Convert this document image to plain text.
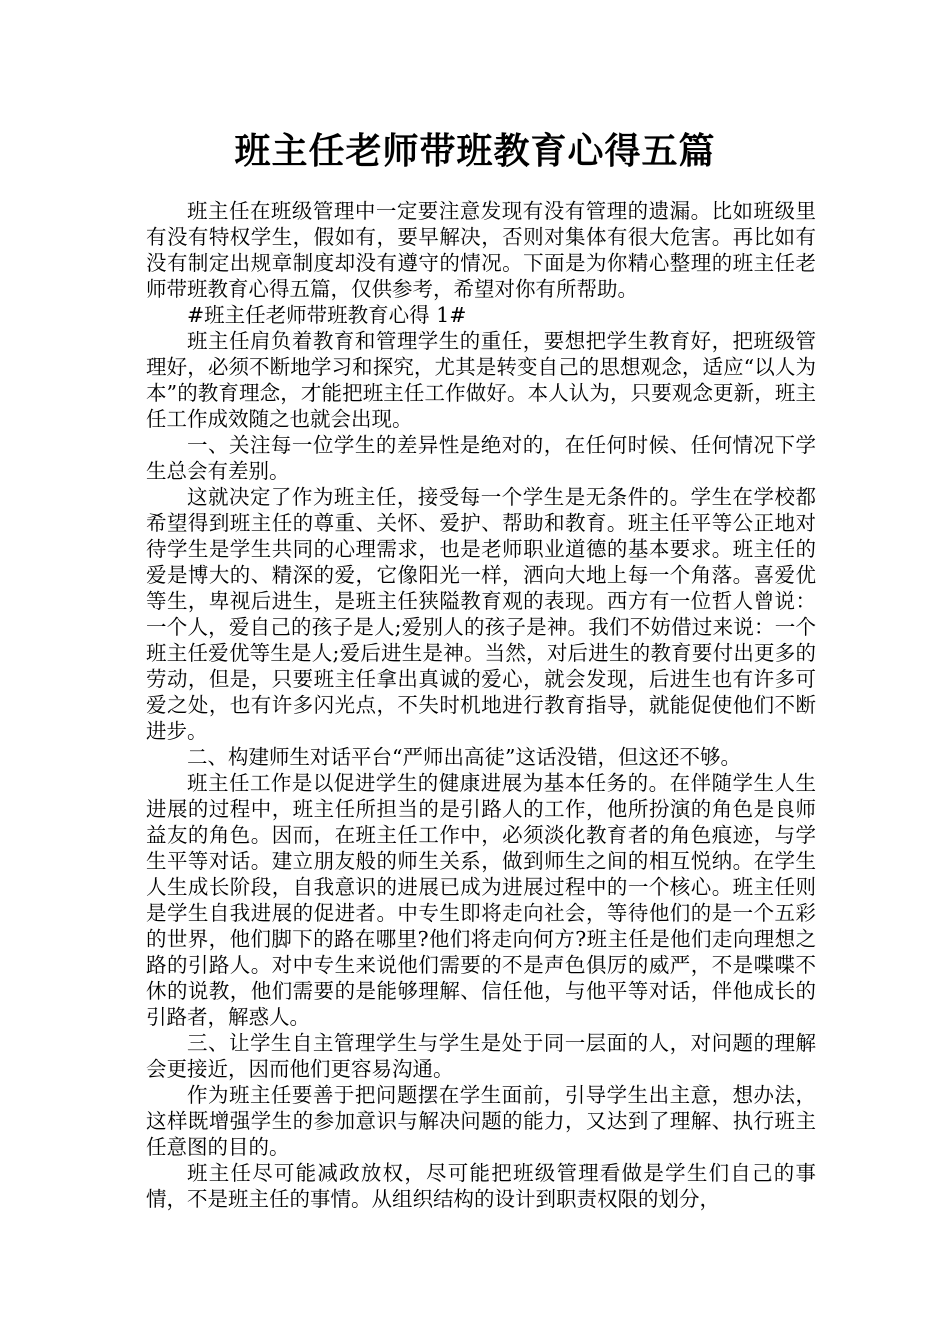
班主任老师带班教育心得五篇

班主任在班级管理中一定要注意发现有没有管理的遗漏。比如班级里有没有特权学生，假如有，要早解决，否则对集体有很大危害。再比如有没有制定出规章制度却没有遵守的情况。下面是为你精心整理的班主任老师带班教育心得五篇，仅供参考，希望对你有所帮助。

#班主任老师带班教育心得 1#

班主任肩负着教育和管理学生的重任，要想把学生教育好，把班级管理好，必须不断地学习和探究，尤其是转变自己的思想观念，适应“以人为本”的教育理念，才能把班主任工作做好。本人认为，只要观念更新，班主任工作成效随之也就会出现。

一、关注每一位学生的差异性是绝对的，在任何时候、任何情况下学生总会有差别。

这就决定了作为班主任，接受每一个学生是无条件的。学生在学校都希望得到班主任的尊重、关怀、爱护、帮助和教育。班主任平等公正地对待学生是学生共同的心理需求，也是老师职业道德的基本要求。班主任的爱是博大的、精深的爱，它像阳光一样，洒向大地上每一个角落。喜爱优等生，卑视后进生，是班主任狭隘教育观的表现。西方有一位哲人曾说：一个人，爱自己的孩子是人;爱别人的孩子是神。我们不妨借过来说：一个班主任爱优等生是人;爱后进生是神。当然，对后进生的教育要付出更多的劳动，但是，只要班主任拿出真诚的爱心，就会发现，后进生也有许多可爱之处，也有许多闪光点，不失时机地进行教育指导，就能促使他们不断进步。

二、构建师生对话平台“严师出高徒”这话没错，但这还不够。

班主任工作是以促进学生的健康进展为基本任务的。在伴随学生人生进展的过程中，班主任所担当的是引路人的工作，他所扮演的角色是良师益友的角色。因而，在班主任工作中，必须淡化教育者的角色痕迹，与学生平等对话。建立朋友般的师生关系，做到师生之间的相互悦纳。在学生人生成长阶段，自我意识的进展已成为进展过程中的一个核心。班主任则是学生自我进展的促进者。中专生即将走向社会，等待他们的是一个五彩的世界，他们脚下的路在哪里?他们将走向何方?班主任是他们走向理想之路的引路人。对中专生来说他们需要的不是声色俱厉的威严，不是喋喋不休的说教，他们需要的是能够理解、信任他，与他平等对话，伴他成长的引路者，解惑人。

三、让学生自主管理学生与学生是处于同一层面的人，对问题的理解会更接近，因而他们更容易沟通。

作为班主任要善于把问题摆在学生面前，引导学生出主意，想办法，这样既增强学生的参加意识与解决问题的能力，又达到了理解、执行班主任意图的目的。

班主任尽可能减政放权，尽可能把班级管理看做是学生们自己的事情，不是班主任的事情。从组织结构的设计到职责权限的划分，
